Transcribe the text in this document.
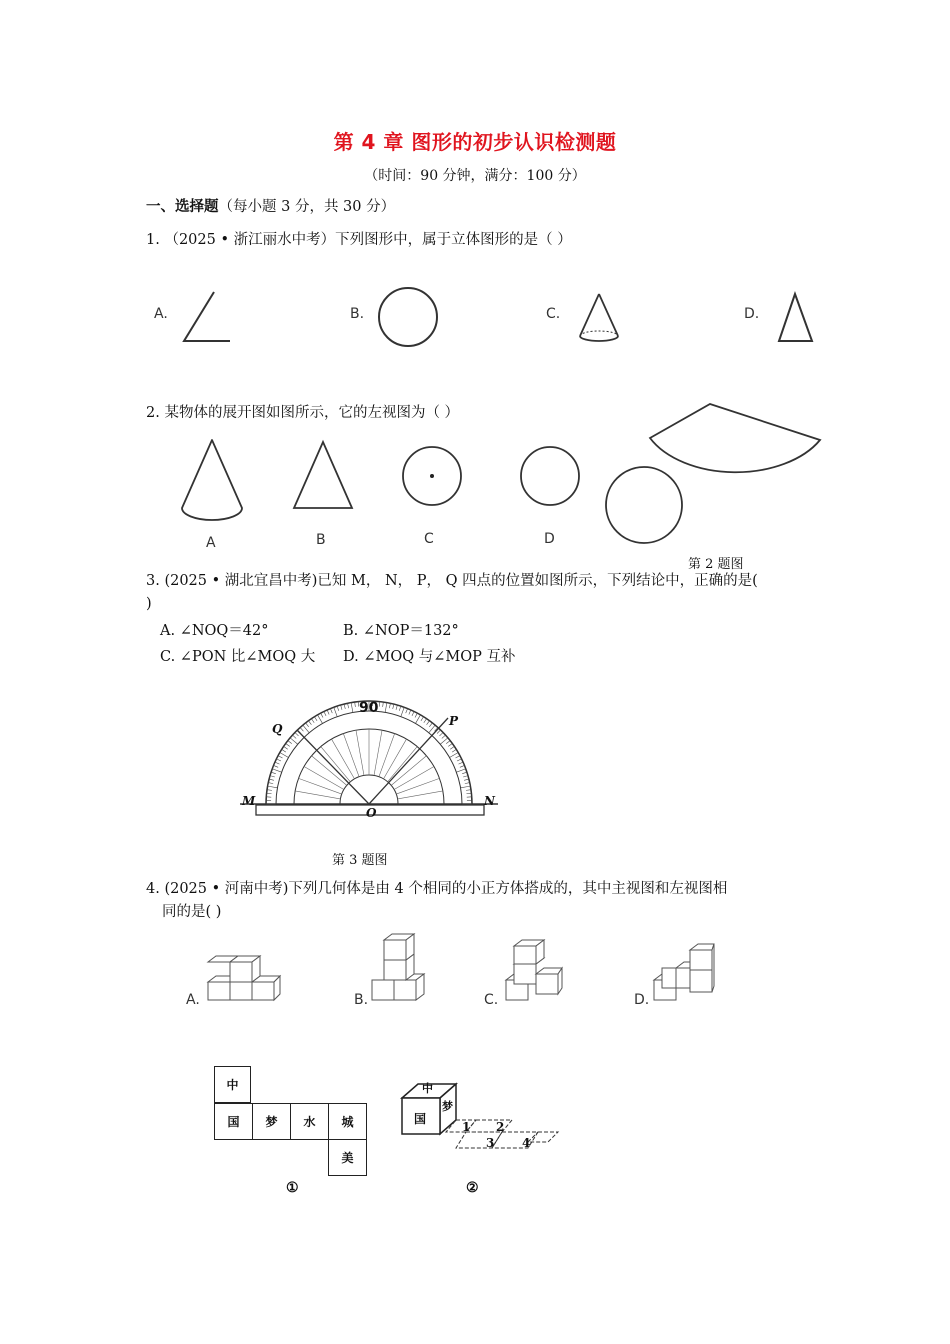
第 4 章 图形的初步认识检测题
（时间：90 分钟，满分：100 分）
一、选择题（每小题 3 分，共 30 分）
1. （2025 • 浙江丽水中考）下列图形中，属于立体图形的是（ ）
A.	B.	C.	D.
2. 某物体的展开图如图所示，它的左视图为（ ）
A	B	C	D
第 2 题图
3. (2025 • 湖北宜昌中考)已知 M， N， P， Q 四点的位置如图所示，下列结论中，正确的是(
)
A. ∠NOQ＝42°	B. ∠NOP＝132°
C. ∠PON 比∠MOQ 大 D. ∠MOQ 与∠MOP 互补
90
M	N
P
Q
O
第 3 题图
4. (2025 • 河南中考)下列几何体是由 4 个相同的小正方体搭成的，其中主视图和左视图相
同的是( )
A.	B.	C.	D.
中
国	梦	水	城
美
①
中
国
梦
1 2
3 4
②
